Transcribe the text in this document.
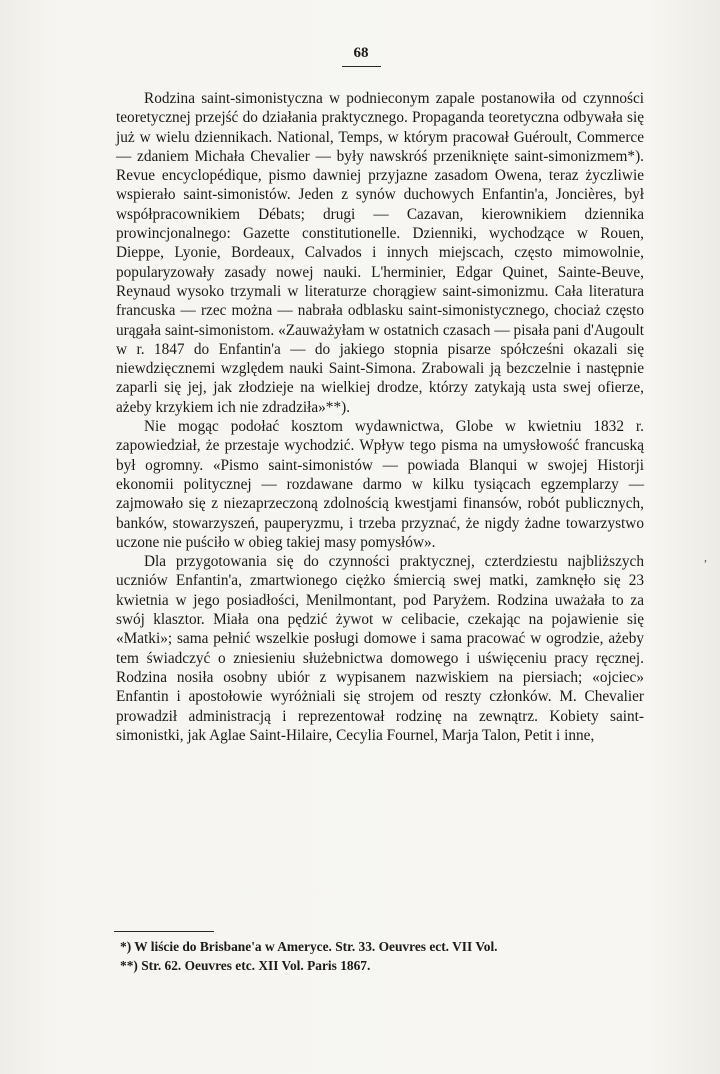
68

Rodzina saint-simonistyczna w podnieconym zapale postanowiła od czynności teoretycznej przejść do działania praktycznego. Propaganda teoretyczna odbywała się już w wielu dziennikach. National, Temps, w którym pracował Guéroult, Commerce — zdaniem Michała Chevalier — były nawskróś przeniknięte saint-simonizmem*). Revue encyclopédique, pismo dawniej przyjazne zasadom Owena, teraz życzliwie wspierało saint-simonistów. Jeden z synów duchowych Enfantin'a, Joncières, był współpracownikiem Débats; drugi — Cazavan, kierownikiem dziennika prowincjonalnego: Gazette constitutionelle. Dzienniki, wychodzące w Rouen, Dieppe, Lyonie, Bordeaux, Calvados i innych miejscach, często mimowolnie, popularyzowały zasady nowej nauki. L'herminier, Edgar Quinet, Sainte-Beuve, Reynaud wysoko trzymali w literaturze chorągiew saint-simonizmu. Cała literatura francuska — rzec można — nabrała odblasku saint-simonistycznego, chociaż często urągała saint-simonistom. «Zauważyłam w ostatnich czasach — pisała pani d'Augoult w r. 1847 do Enfantin'a — do jakiego stopnia pisarze spółcześni okazali się niewdzięcznemi względem nauki Saint-Simona. Zrabowali ją bezczelnie i następnie zaparli się jej, jak złodzieje na wielkiej drodze, którzy zatykają usta swej ofierze, ażeby krzykiem ich nie zdradziła»**).

Nie mogąc podołać kosztom wydawnictwa, Globe w kwietniu 1832 r. zapowiedział, że przestaje wychodzić. Wpływ tego pisma na umysłowość francuską był ogromny. «Pismo saint-simonistów — powiada Blanqui w swojej Historji ekonomii politycznej — rozdawane darmo w kilku tysiącach egzemplarzy — zajmowało się z niezaprzeczoną zdolnością kwestjami finansów, robót publicznych, banków, stowarzyszeń, pauperyzmu, i trzeba przyznać, że nigdy żadne towarzystwo uczone nie puściło w obieg takiej masy pomysłów».

Dla przygotowania się do czynności praktycznej, czterdziestu najbliższych uczniów Enfantin'a, zmartwionego ciężko śmiercią swej matki, zamknęło się 23 kwietnia w jego posiadłości, Menilmontant, pod Paryżem. Rodzina uważała to za swój klasztor. Miała ona pędzić żywot w celibacie, czekając na pojawienie się «Matki»; sama pełnić wszelkie posługi domowe i sama pracować w ogrodzie, ażeby tem świadczyć o zniesieniu służebnictwa domowego i uświęceniu pracy ręcznej. Rodzina nosiła osobny ubiór z wypisanem nazwiskiem na piersiach; «ojciec» Enfantin i apostołowie wyróżniali się strojem od reszty członków. M. Chevalier prowadził administracją i reprezentował rodzinę na zewnątrz. Kobiety saint-simonistki, jak Aglae Saint-Hilaire, Cecylia Fournel, Marja Talon, Petit i inne,

*) W liście do Brisbane'a w Ameryce. Str. 33. Oeuvres ect. VII Vol.

**) Str. 62. Oeuvres etc. XII Vol. Paris 1867.

,
